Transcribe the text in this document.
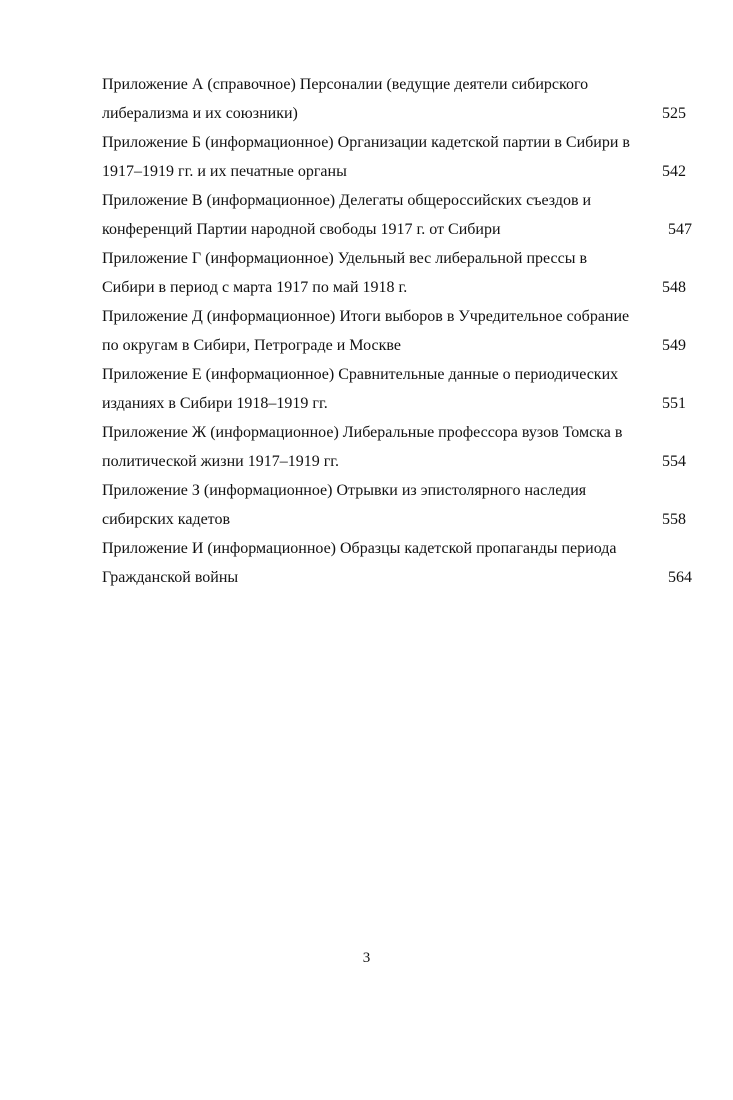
Приложение А (справочное) Персоналии (ведущие деятели сибирского
либерализма и их союзники)	525
Приложение Б (информационное) Организации кадетской партии в Сибири в
1917–1919 гг. и их печатные органы	542
Приложение В (информационное) Делегаты общероссийских съездов и
конференций Партии народной свободы 1917 г. от Сибири	547
Приложение Г (информационное) Удельный вес либеральной прессы в
Сибири в период с марта 1917 по май 1918 г.	548
Приложение Д (информационное) Итоги выборов в Учредительное собрание
по округам в Сибири, Петрограде и Москве	549
Приложение Е (информационное) Сравнительные данные о периодических
изданиях в Сибири 1918–1919 гг.	551
Приложение Ж (информационное) Либеральные профессора вузов Томска в
политической жизни 1917–1919 гг.	554
Приложение З (информационное) Отрывки из эпистолярного наследия
сибирских кадетов	558
Приложение И (информационное) Образцы кадетской пропаганды периода
Гражданской войны	564
3
